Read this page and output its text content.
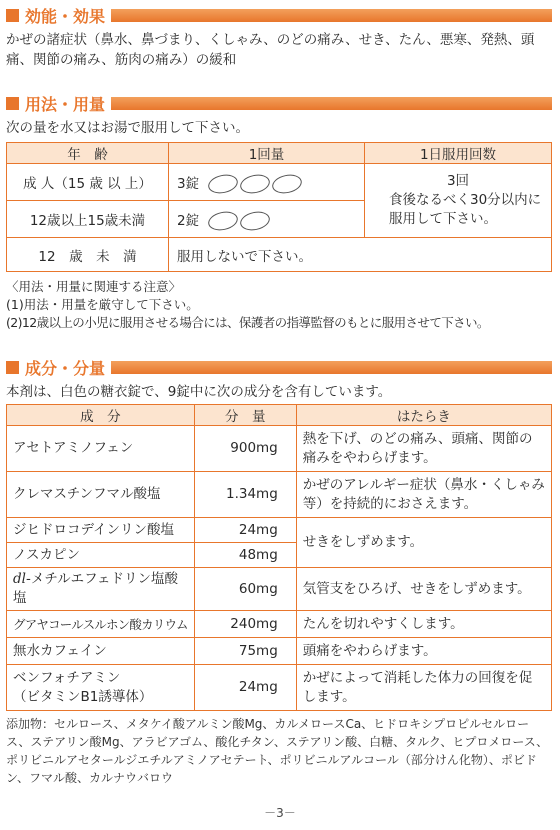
効能・効果

かぜの諸症状（鼻水、鼻づまり、くしゃみ、のどの痛み、せき、たん、悪寒、発熱、頭痛、関節の痛み、筋肉の痛み）の緩和

用法・用量

次の量を水又はお湯で服用して下さい。

年　齢	1回量	1日服用回数
成 人（15 歳 以 上）	3錠	3回
食後なるべく30分以内に服用して下さい。

12歳以上15歳未満	2錠	
12　歳　未　満	服用しないで下さい。	

〈用法・用量に関連する注意〉

(1)用法・用量を厳守して下さい。

(2)12歳以上の小児に服用させる場合には、保護者の指導監督のもとに服用させて下さい。

成分・分量

本剤は、白色の糖衣錠で、9錠中に次の成分を含有しています。

成　分	分　量	はたらき
アセトアミノフェン	900mg	熱を下げ、のどの痛み、頭痛、関節の痛みをやわらげます。
クレマスチンフマル酸塩	1.34mg	かぜのアレルギー症状（鼻水・くしゃみ等）を持続的におさえます。
ジヒドロコデインリン酸塩	24mg	せきをしずめます。
ノスカピン	48mg	
dl-メチルエフェドリン塩酸塩	60mg	気管支をひろげ、せきをしずめます。
グアヤコールスルホン酸カリウム	240mg	たんを切れやすくします。
無水カフェイン	75mg	頭痛をやわらげます。

ベンフォチアミン
（ビタミンB1誘導体）	24mg	かぜによって消耗した体力の回復を促します。

添加物：セルロース、メタケイ酸アルミン酸Mg、カルメロースCa、ヒドロキシプロピルセルロース、ステアリン酸Mg、アラビアゴム、酸化チタン、ステアリン酸、白糖、タルク、ヒプロメロース、ポリビニルアセタールジエチルアミノアセテート、ポリビニルアルコール（部分けん化物）、ポビドン、フマル酸、カルナウバロウ

－3－
